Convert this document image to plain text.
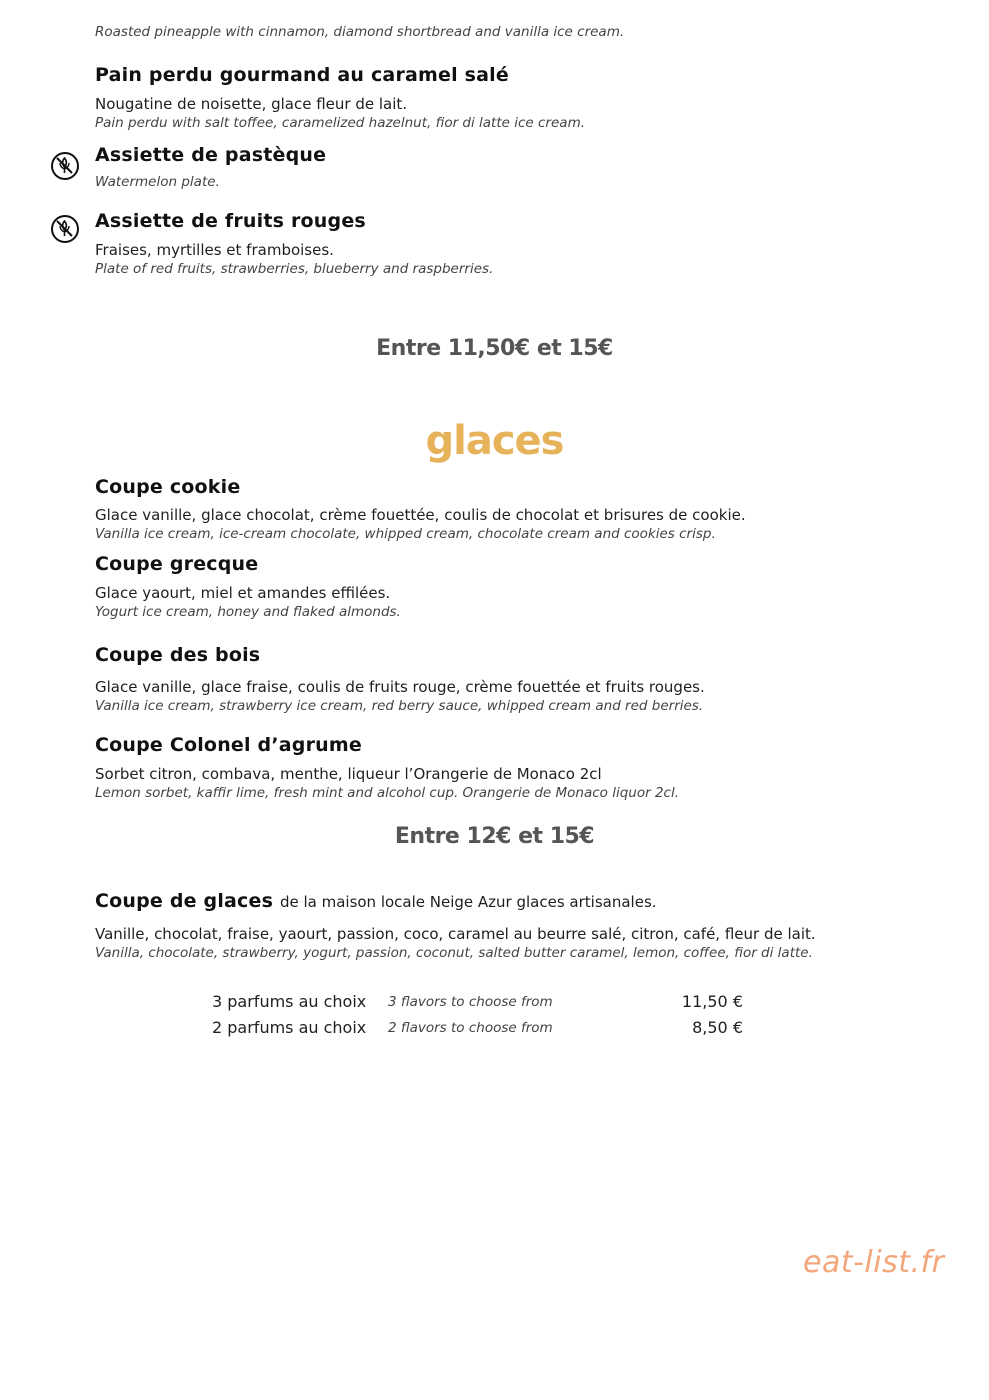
Roasted pineapple with cinnamon, diamond shortbread and vanilla ice cream.
Pain perdu gourmand au caramel salé
Nougatine de noisette, glace fleur de lait.
Pain perdu with salt toffee, caramelized hazelnut, fior di latte ice cream.
Assiette de pastèque
Watermelon plate.
Assiette de fruits rouges
Fraises, myrtilles et framboises.
Plate of red fruits, strawberries, blueberry and raspberries.
Entre 11,50€ et 15€
glaces
Coupe cookie
Glace vanille, glace chocolat, crème fouettée, coulis de chocolat et brisures de cookie.
Vanilla ice cream, ice-cream chocolate, whipped cream, chocolate cream and cookies crisp.
Coupe grecque
Glace yaourt, miel et amandes effilées.
Yogurt ice cream, honey and flaked almonds.
Coupe des bois
Glace vanille, glace fraise, coulis de fruits rouge, crème fouettée et fruits rouges.
Vanilla ice cream, strawberry ice cream, red berry sauce, whipped cream and red berries.
Coupe Colonel d’agrume
Sorbet citron, combava, menthe, liqueur l’Orangerie de Monaco 2cl
Lemon sorbet, kaffir lime, fresh mint and alcohol cup. Orangerie de Monaco liquor 2cl.
Entre 12€ et 15€
Coupe de glaces de la maison locale Neige Azur glaces artisanales.
Vanille, chocolat, fraise, yaourt, passion, coco, caramel au beurre salé, citron, café, fleur de lait.
Vanilla, chocolate, strawberry, yogurt, passion, coconut, salted butter caramel, lemon, coffee, fior di latte.
3 parfums au choix 3 flavors to choose from	11,50 €
2 parfums au choix 2 flavors to choose from	8,50 €
eat-list.fr
